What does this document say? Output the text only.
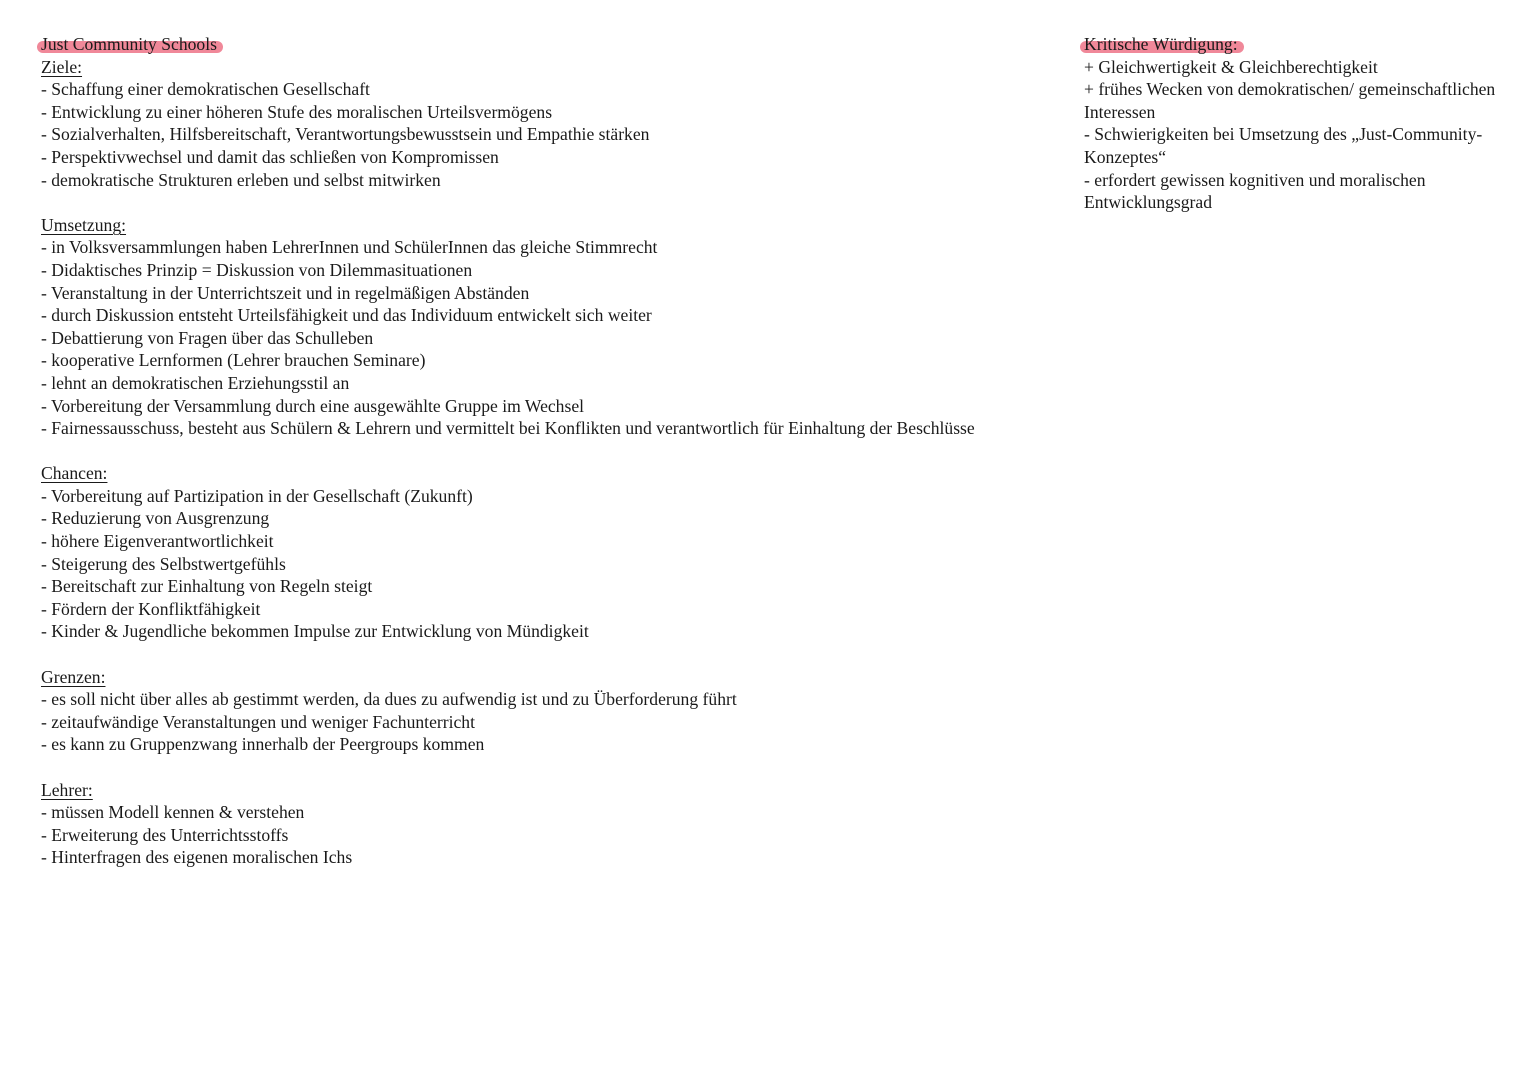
Just Community Schools
Ziele:
- Schaffung einer demokratischen Gesellschaft
- Entwicklung zu einer höheren Stufe des moralischen Urteilsvermögens
- Sozialverhalten, Hilfsbereitschaft, Verantwortungsbewusstsein und Empathie stärken
- Perspektivwechsel und damit das schließen von Kompromissen
- demokratische Strukturen erleben und selbst mitwirken
Umsetzung:
- in Volksversammlungen haben LehrerInnen und SchülerInnen das gleiche Stimmrecht
- Didaktisches Prinzip = Diskussion von Dilemmasituationen
- Veranstaltung in der Unterrichtszeit und in regelmäßigen Abständen
- durch Diskussion entsteht Urteilsfähigkeit und das Individuum entwickelt sich weiter
- Debattierung von Fragen über das Schulleben
- kooperative Lernformen (Lehrer brauchen Seminare)
- lehnt an demokratischen Erziehungsstil an
- Vorbereitung der Versammlung durch eine ausgewählte Gruppe im Wechsel
- Fairnessausschuss, besteht aus Schülern & Lehrern und vermittelt bei Konflikten und verantwortlich für Einhaltung der Beschlüsse
Chancen:
- Vorbereitung auf Partizipation in der Gesellschaft (Zukunft)
- Reduzierung von Ausgrenzung
- höhere Eigenverantwortlichkeit
- Steigerung des Selbstwertgefühls
- Bereitschaft zur Einhaltung von Regeln steigt
- Fördern der Konfliktfähigkeit
- Kinder & Jugendliche bekommen Impulse zur Entwicklung von Mündigkeit
Grenzen:
- es soll nicht über alles ab gestimmt werden, da dues zu aufwendig ist und zu Überforderung führt
- zeitaufwändige Veranstaltungen und weniger Fachunterricht
- es kann zu Gruppenzwang innerhalb der Peergroups kommen
Lehrer:
- müssen Modell kennen & verstehen
- Erweiterung des Unterrichtsstoffs
- Hinterfragen des eigenen moralischen Ichs
Kritische Würdigung:
+ Gleichwertigkeit & Gleichberechtigkeit
+ frühes Wecken von demokratischen/ gemeinschaftlichen Interessen
- Schwierigkeiten bei Umsetzung des „Just-Community-Konzeptes“
- erfordert gewissen kognitiven und moralischen Entwicklungsgrad
